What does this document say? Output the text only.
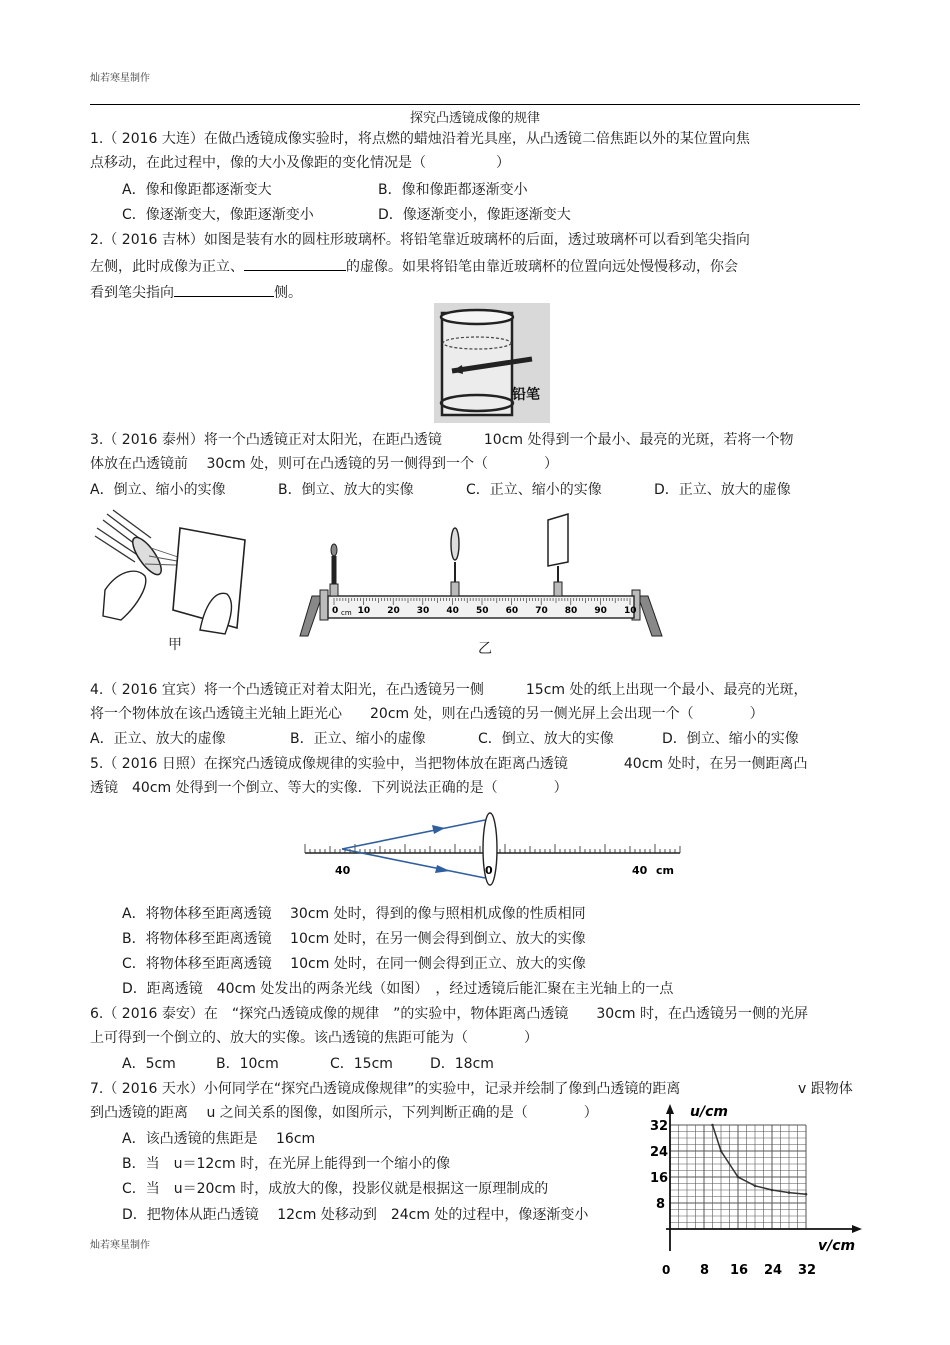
灿若寒星制作
灿若寒星制作
探究凸透镜成像的规律
1.（ 2016 大连）在做凸透镜成像实验时，将点燃的蜡烛沿着光具座，从凸透镜二倍焦距以外的某位置向焦
点移动，在此过程中，像的大小及像距的变化情况是（　　　　　）
A．像和像距都逐渐变大	B．像和像距都逐渐变小
C．像逐渐变大，像距逐渐变小	D．像逐渐变小，像距逐渐变大
2.（ 2016 吉林）如图是装有水的圆柱形玻璃杯。将铅笔靠近玻璃杯的后面，透过玻璃杯可以看到笔尖指向
左侧，此时成像为正立、	的虚像。如果将铅笔由靠近玻璃杯的位置向远处慢慢移动，你会
看到笔尖指向	侧。
铅笔
3.（ 2016 泰州）将一个凸透镜正对太阳光，在距凸透镜　　　10cm 处得到一个最小、最亮的光斑，若将一个物
体放在凸透镜前　 30cm 处，则可在凸透镜的另一侧得到一个（　　　　）
A．倒立、缩小的实像	B．倒立、放大的实像	C．正立、缩小的实像	D．正立、放大的虚像
甲
0 10 20 30 40 50 60 70 80 90 10
cm
乙
4.（ 2016 宜宾）将一个凸透镜正对着太阳光，在凸透镜另一侧　　　15cm 处的纸上出现一个最小、最亮的光斑，
将一个物体放在该凸透镜主光轴上距光心　　20cm 处，则在凸透镜的另一侧光屏上会出现一个（　　　　）
A．正立、放大的虚像	B．正立、缩小的虚像	C．倒立、放大的实像	D．倒立、缩小的实像
5.（ 2016 日照）在探究凸透镜成像规律的实验中，当把物体放在距离凸透镜　　　　40cm 处时，在另一侧距离凸
透镜　40cm 处得到一个倒立、等大的实像．下列说法正确的是（　　　　）
40	0	40 cm
A．将物体移至距离透镜　 30cm 处时，得到的像与照相机成像的性质相同
B．将物体移至距离透镜　 10cm 处时，在另一侧会得到倒立、放大的实像
C．将物体移至距离透镜　 10cm 处时，在同一侧会得到正立、放大的实像
D．距离透镜　40cm 处发出的两条光线（如图）　，经过透镜后能汇聚在主光轴上的一点
6.（ 2016 泰安）在　“探究凸透镜成像的规律　”的实验中，物体距离凸透镜　　30cm 时，在凸透镜另一侧的光屏
上可得到一个倒立的、放大的实像。该凸透镜的焦距可能为（　　　　）
A．5cm	B．10cm	C．15cm	D．18cm
7.（ 2016 天水）小何同学在“探究凸透镜成像规律”的实验中，记录并绘制了像到凸透镜的距离	v 跟物体
到凸透镜的距离　 u 之间关系的图像，如图所示，下列判断正确的是（　　　　）
A．该凸透镜的焦距是　 16cm
B．当　u＝12cm 时，在光屏上能得到一个缩小的像
C．当　u＝20cm 时，成放大的像，投影仪就是根据这一原理制成的
D．把物体从距凸透镜　 12cm 处移动到　24cm 处的过程中，像逐渐变小
8 16 24 32
8
16
24
32
u/cm
v/cm
0
